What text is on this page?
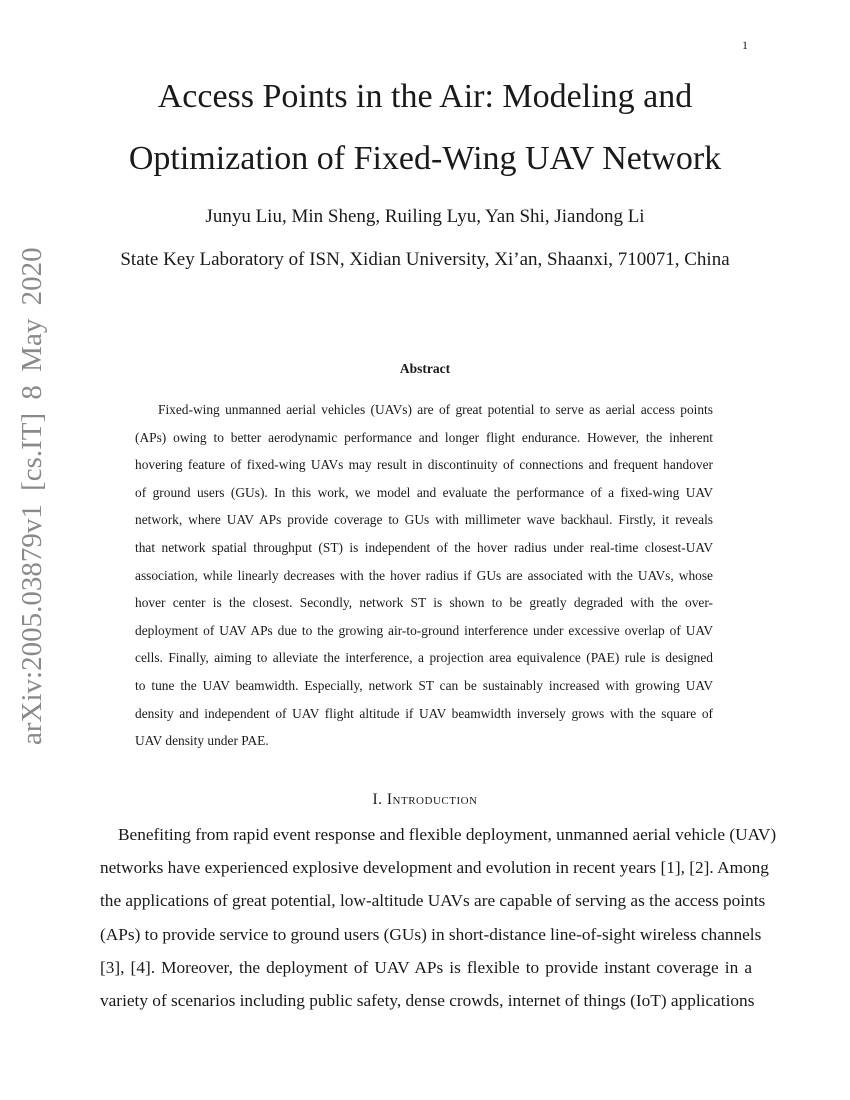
1
Access Points in the Air: Modeling and
Optimization of Fixed-Wing UAV Network
Junyu Liu, Min Sheng, Ruiling Lyu, Yan Shi, Jiandong Li
State Key Laboratory of ISN, Xidian University, Xi’an, Shaanxi, 710071, China
arXiv:2005.03879v1 [cs.IT] 8 May 2020	Abstract
Fixed-wing unmanned aerial vehicles (UAVs) are of great potential to serve as aerial access points
(APs) owing to better aerodynamic performance and longer flight endurance. However, the inherent
hovering feature of fixed-wing UAVs may result in discontinuity of connections and frequent handover
of ground users (GUs). In this work, we model and evaluate the performance of a fixed-wing UAV
network, where UAV APs provide coverage to GUs with millimeter wave backhaul. Firstly, it reveals
that network spatial throughput (ST) is independent of the hover radius under real-time closest-UAV
association, while linearly decreases with the hover radius if GUs are associated with the UAVs, whose
hover center is the closest. Secondly, network ST is shown to be greatly degraded with the over-
deployment of UAV APs due to the growing air-to-ground interference under excessive overlap of UAV
cells. Finally, aiming to alleviate the interference, a projection area equivalence (PAE) rule is designed
to tune the UAV beamwidth. Especially, network ST can be sustainably increased with growing UAV
density and independent of UAV flight altitude if UAV beamwidth inversely grows with the square of
UAV density under PAE.
I. Introduction
Benefiting from rapid event response and flexible deployment, unmanned aerial vehicle (UAV)
networks have experienced explosive development and evolution in recent years [1], [2]. Among
the applications of great potential, low-altitude UAVs are capable of serving as the access points
(APs) to provide service to ground users (GUs) in short-distance line-of-sight wireless channels
[3], [4]. Moreover, the deployment of UAV APs is flexible to provide instant coverage in a
variety of scenarios including public safety, dense crowds, internet of things (IoT) applications
